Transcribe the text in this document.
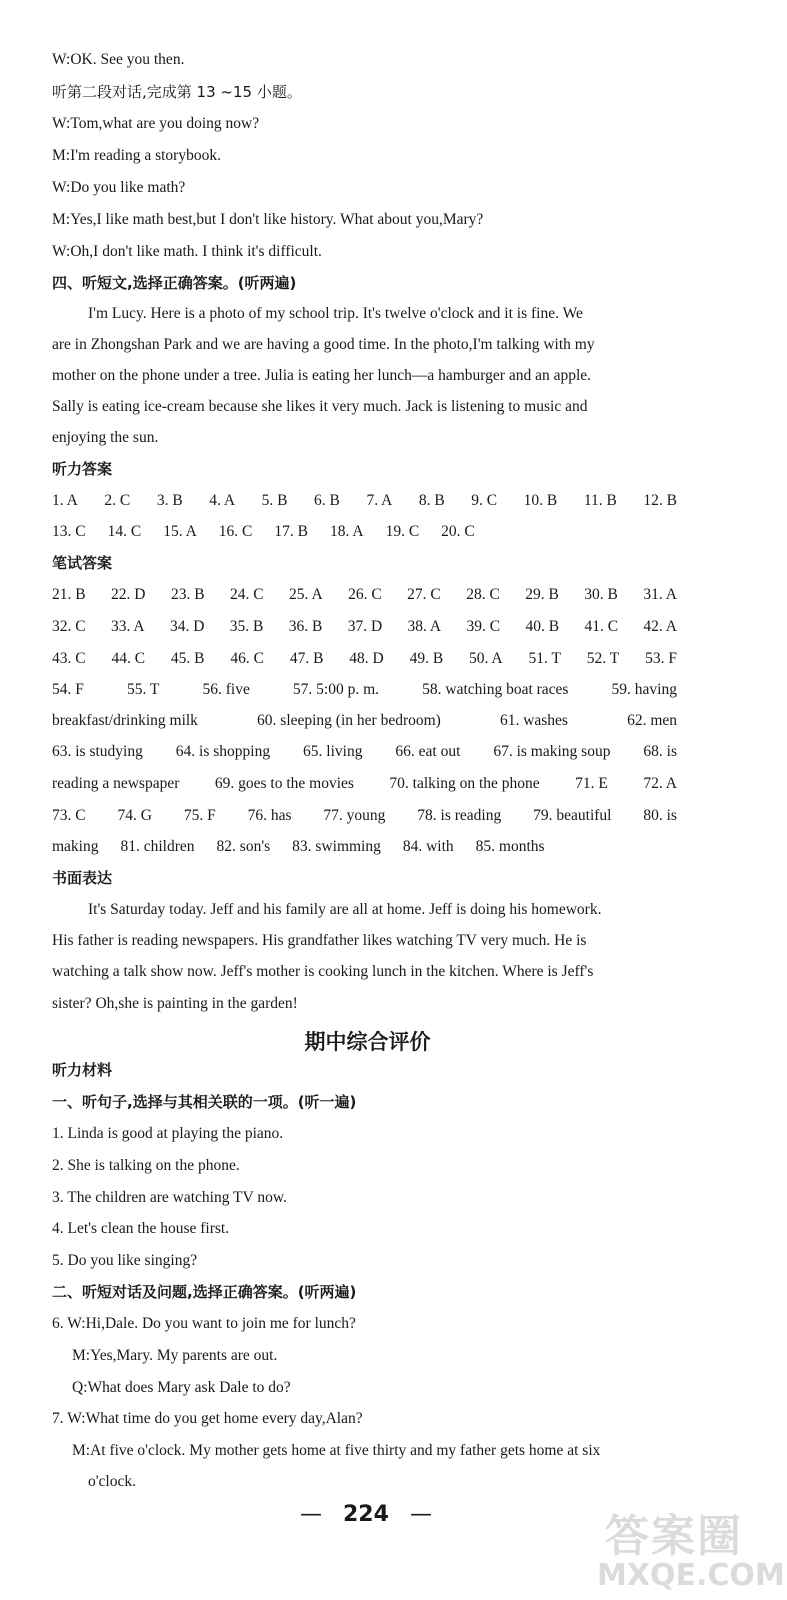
W:OK. See you then.
听第二段对话,完成第 13 ~15 小题。
W:Tom,what are you doing now?
M:I'm reading a storybook.
W:Do you like math?
M:Yes,I like math best,but I don't like history. What about you,Mary?
W:Oh,I don't like math. I think it's difficult.
四、听短文,选择正确答案。(听两遍)
I'm Lucy. Here is a photo of my school trip. It's twelve o'clock and it is fine. We
are in Zhongshan Park and we are having a good time. In the photo,I'm talking with my
mother on the phone under a tree. Julia is eating her lunch—a hamburger and an apple.
Sally is eating ice-cream because she likes it very much. Jack is listening to music and
enjoying the sun.
听力答案
1. A 2. C 3. B 4. A 5. B 6. B 7. A 8. B 9. C 10. B 11. B 12. B
13. C 14. C 15. A 16. C 17. B 18. A 19. C 20. C
笔试答案
21. B 22. D 23. B 24. C 25. A 26. C 27. C 28. C 29. B 30. B 31. A
32. C 33. A 34. D 35. B 36. B 37. D 38. A 39. C 40. B 41. C 42. A
43. C 44. C 45. B 46. C 47. B 48. D 49. B 50. A 51. T 52. T 53. F
54. F	55. T	56. five	57. 5:00 p. m.	58. watching boat races	59. having
breakfast/drinking milk	60. sleeping (in her bedroom)	61. washes	62. men
63. is studying 64. is shopping 65. living 66. eat out 67. is making soup 68. is
reading a newspaper 69. goes to the movies 70. talking on the phone 71. E 72. A
73. C 74. G 75. F 76. has 77. young 78. is reading 79. beautiful 80. is
making 81. children 82. son's 83. swimming 84. with 85. months
书面表达
It's Saturday today. Jeff and his family are all at home. Jeff is doing his homework.
His father is reading newspapers. His grandfather likes watching TV very much. He is
watching a talk show now. Jeff's mother is cooking lunch in the kitchen. Where is Jeff's
sister? Oh,she is painting in the garden!
期中综合评价
听力材料
一、听句子,选择与其相关联的一项。(听一遍)
1. Linda is good at playing the piano.
2. She is talking on the phone.
3. The children are watching TV now.
4. Let's clean the house first.
5. Do you like singing?
二、听短对话及问题,选择正确答案。(听两遍)
6. W:Hi,Dale. Do you want to join me for lunch?
M:Yes,Mary. My parents are out.
Q:What does Mary ask Dale to do?
7. W:What time do you get home every day,Alan?
M:At five o'clock. My mother gets home at five thirty and my father gets home at six
o'clock.
— 224 —	答案圈
MXQE.COM
